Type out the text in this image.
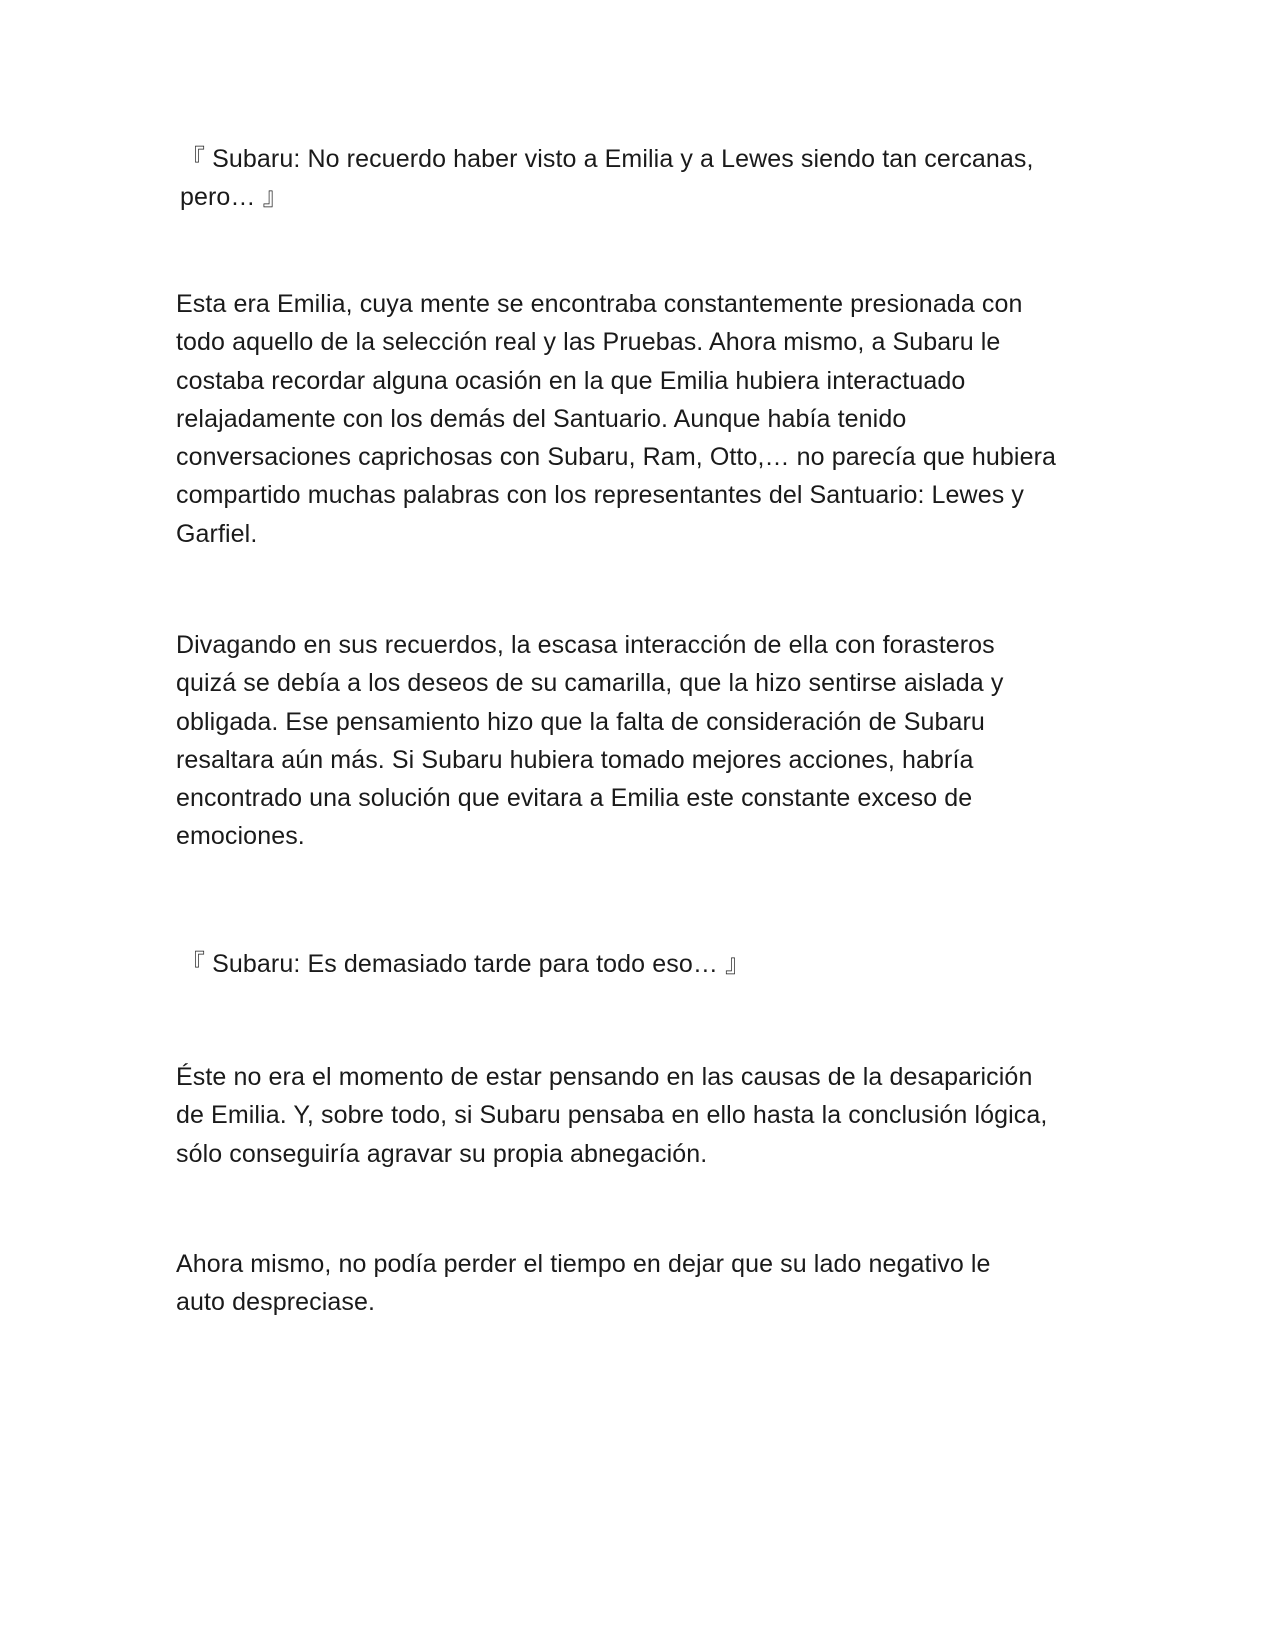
『 Subaru: No recuerdo haber visto a Emilia y a Lewes siendo tan cercanas,
pero… 』

Esta era Emilia, cuya mente se encontraba constantemente presionada con
todo aquello de la selección real y las Pruebas. Ahora mismo, a Subaru le
costaba recordar alguna ocasión en la que Emilia hubiera interactuado
relajadamente con los demás del Santuario. Aunque había tenido
conversaciones caprichosas con Subaru, Ram, Otto,… no parecía que hubiera
compartido muchas palabras con los representantes del Santuario: Lewes y
Garfiel.

Divagando en sus recuerdos, la escasa interacción de ella con forasteros
quizá se debía a los deseos de su camarilla, que la hizo sentirse aislada y
obligada. Ese pensamiento hizo que la falta de consideración de Subaru
resaltara aún más. Si Subaru hubiera tomado mejores acciones, habría
encontrado una solución que evitara a Emilia este constante exceso de
emociones.

『 Subaru: Es demasiado tarde para todo eso… 』

Éste no era el momento de estar pensando en las causas de la desaparición
de Emilia. Y, sobre todo, si Subaru pensaba en ello hasta la conclusión lógica,
sólo conseguiría agravar su propia abnegación.

Ahora mismo, no podía perder el tiempo en dejar que su lado negativo le
auto despreciase.
